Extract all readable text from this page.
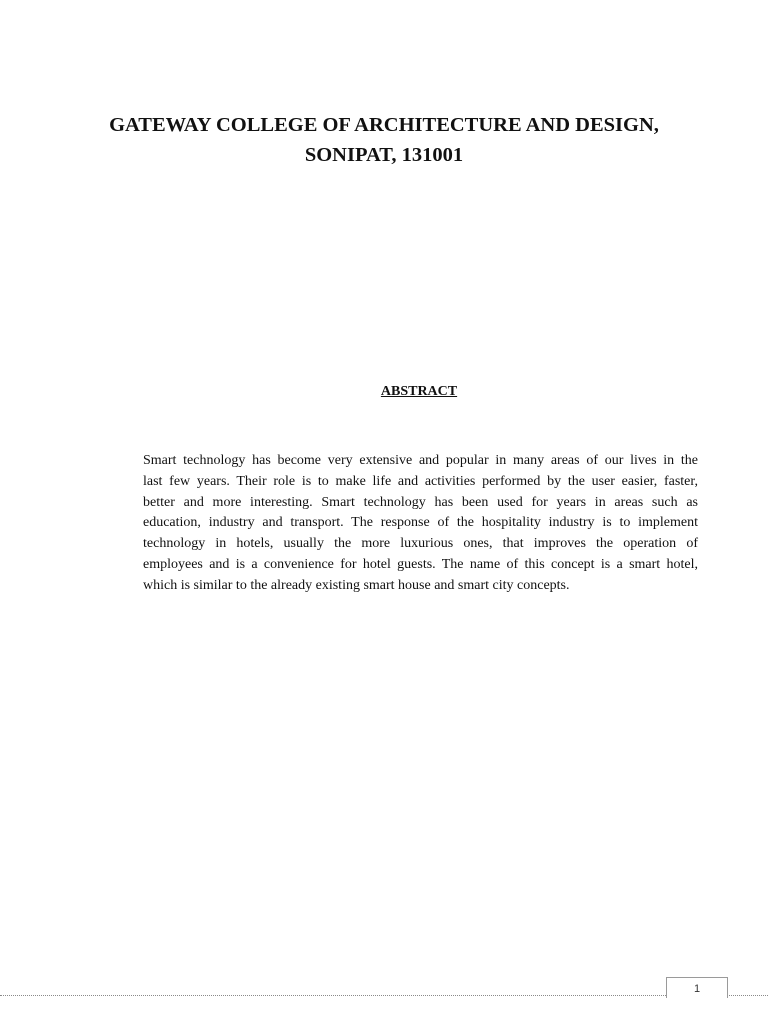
GATEWAY COLLEGE OF ARCHITECTURE AND DESIGN,
SONIPAT, 131001
ABSTRACT
Smart technology has become very extensive and popular in many areas of our lives in the
last few years. Their role is to make life and activities performed by the user easier, faster,
better and more interesting. Smart technology has been used for years in areas such as
education, industry and transport. The response of the hospitality industry is to implement
technology in hotels, usually the more luxurious ones, that improves the operation of
employees and is a convenience for hotel guests. The name of this concept is a smart hotel,
which is similar to the already existing smart house and smart city concepts.
1
